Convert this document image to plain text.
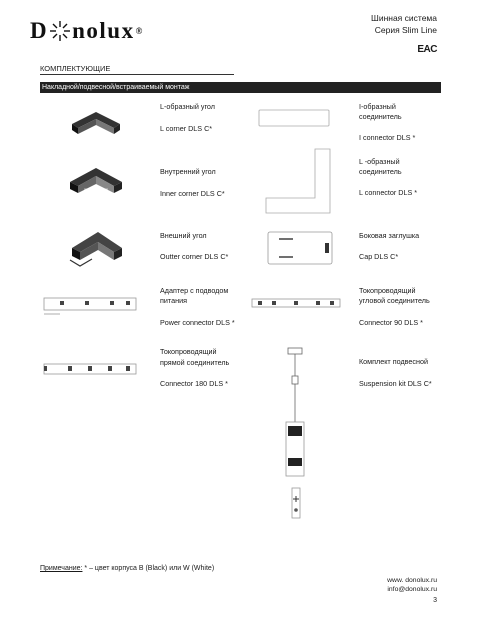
D nolux ®
Шинная система
Серия Slim Line
EAC
КОМПЛЕКТУЮЩИЕ
Накладной/подвесной/встраиваемый монтаж
L-образный угол
L corner DLS C*
I-образный
соединитель
I connector DLS *
Внутренний угол
Inner corner DLS C*
L -образный
соединитель
L connector DLS *
Внешний угол
Outter corner DLS C*
Боковая заглушка
Cap DLS C*
Адаптер с подводом
питания
Power connector DLS *
Токопроводящий
угловой соединитель
Connector 90 DLS *
Токопроводящий
прямой соединитель
Connector 180 DLS *
Комплект подвесной
Suspension kit DLS C*
Примечание: * – цвет корпуса B (Black) или W (White)
www. donolux.ru
info@donolux.ru
3
